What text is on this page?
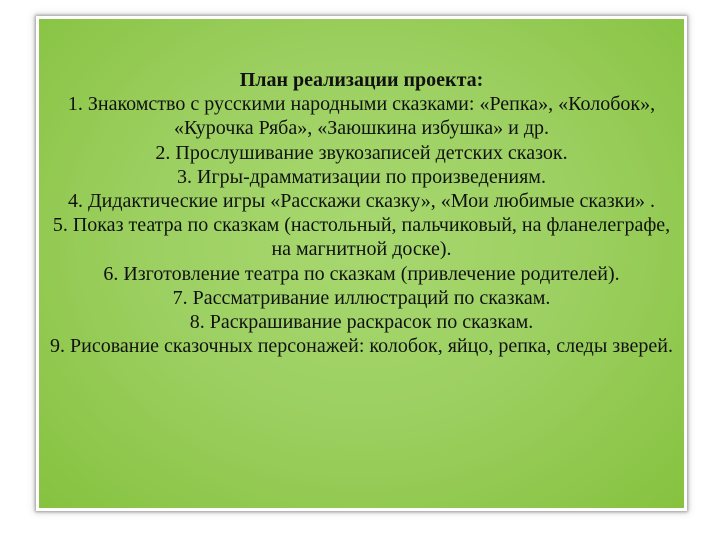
План реализации проекта:
1. Знакомство с русскими народными сказками: «Репка», «Колобок», «Курочка Ряба», «Заюшкина избушка» и др.
2. Прослушивание звукозаписей детских сказок.
3. Игры-драмматизации по произведениям.
4. Дидактические игры «Расскажи сказку», «Мои любимые сказки» .
5. Показ театра по сказкам (настольный, пальчиковый, на фланелеграфе, на магнитной доске).
6. Изготовление театра по сказкам (привлечение родителей).
7. Рассматривание иллюстраций по сказкам.
8. Раскрашивание раскрасок по сказкам.
9. Рисование сказочных персонажей: колобок, яйцо, репка, следы зверей.
